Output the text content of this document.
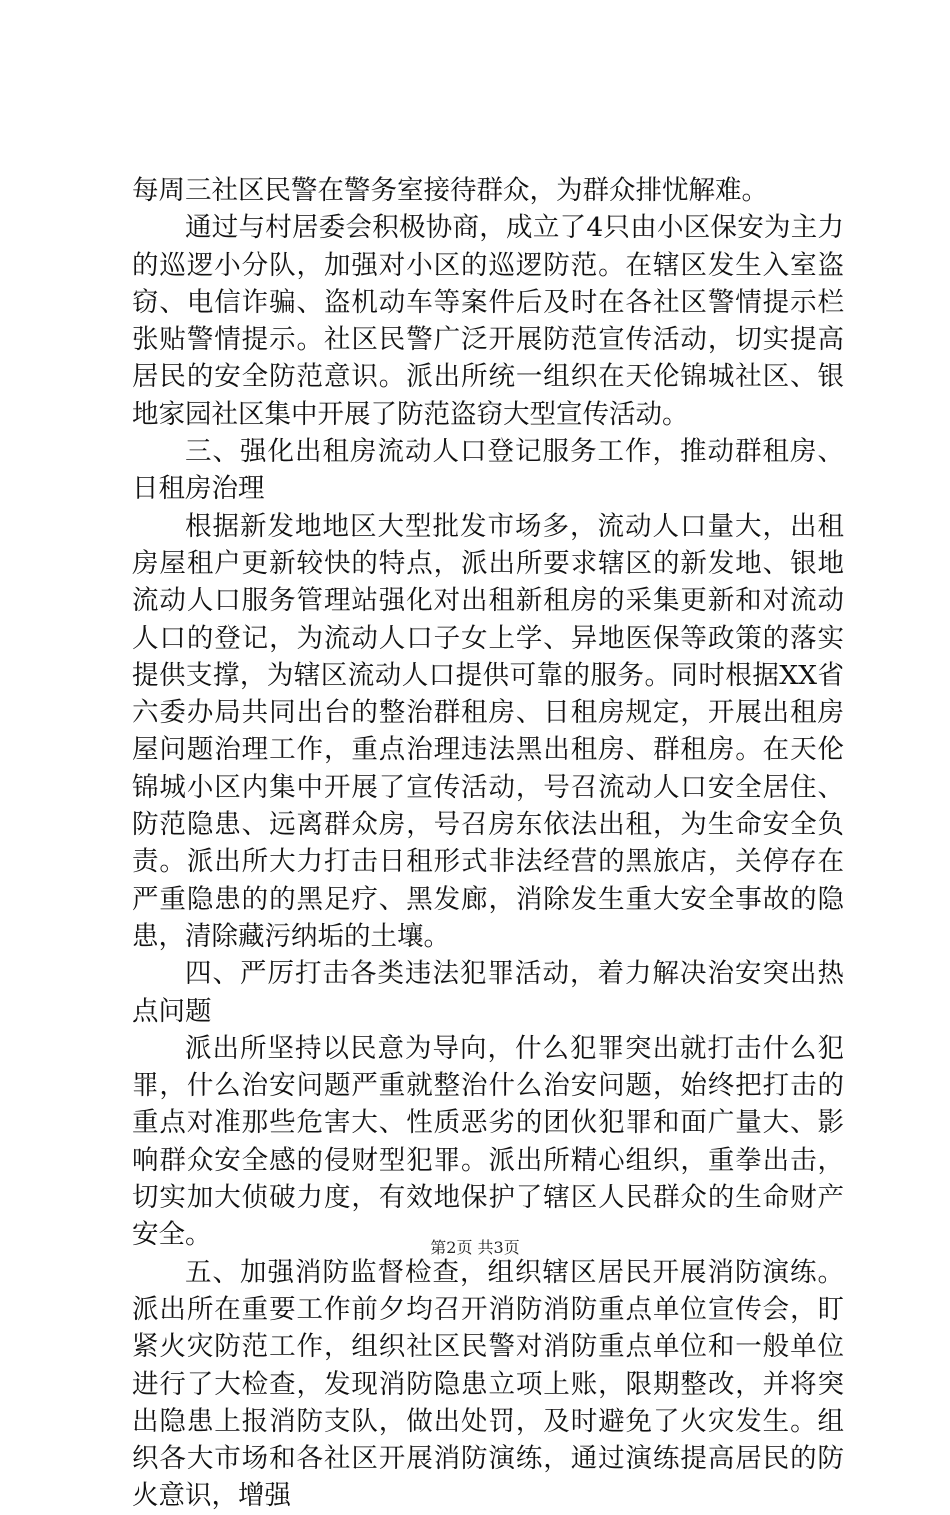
每周三社区民警在警务室接待群众，为群众排忧解难。

通过与村居委会积极协商，成立了4只由小区保安为主力的巡逻小分队，加强对小区的巡逻防范。在辖区发生入室盗窃、电信诈骗、盗机动车等案件后及时在各社区警情提示栏张贴警情提示。社区民警广泛开展防范宣传活动，切实提高居民的安全防范意识。派出所统一组织在天伦锦城社区、银地家园社区集中开展了防范盗窃大型宣传活动。

三、强化出租房流动人口登记服务工作，推动群租房、日租房治理

根据新发地地区大型批发市场多，流动人口量大，出租房屋租户更新较快的特点，派出所要求辖区的新发地、银地流动人口服务管理站强化对出租新租房的采集更新和对流动人口的登记，为流动人口子女上学、异地医保等政策的落实提供支撑，为辖区流动人口提供可靠的服务。同时根据XX省六委办局共同出台的整治群租房、日租房规定，开展出租房屋问题治理工作，重点治理违法黑出租房、群租房。在天伦锦城小区内集中开展了宣传活动，号召流动人口安全居住、防范隐患、远离群众房，号召房东依法出租，为生命安全负责。派出所大力打击日租形式非法经营的黑旅店，关停存在严重隐患的的黑足疗、黑发廊，消除发生重大安全事故的隐患，清除藏污纳垢的土壤。

四、严厉打击各类违法犯罪活动，着力解决治安突出热点问题

派出所坚持以民意为导向，什么犯罪突出就打击什么犯罪，什么治安问题严重就整治什么治安问题，始终把打击的重点对准那些危害大、性质恶劣的团伙犯罪和面广量大、影响群众安全感的侵财型犯罪。派出所精心组织，重拳出击，切实加大侦破力度，有效地保护了辖区人民群众的生命财产安全。

五、加强消防监督检查，组织辖区居民开展消防演练。派出所在重要工作前夕均召开消防消防重点单位宣传会，盯紧火灾防范工作，组织社区民警对消防重点单位和一般单位进行了大检查，发现消防隐患立项上账，限期整改，并将突出隐患上报消防支队，做出处罚，及时避免了火灾发生。组织各大市场和各社区开展消防演练，通过演练提高居民的防火意识，增强

第2页 共3页
